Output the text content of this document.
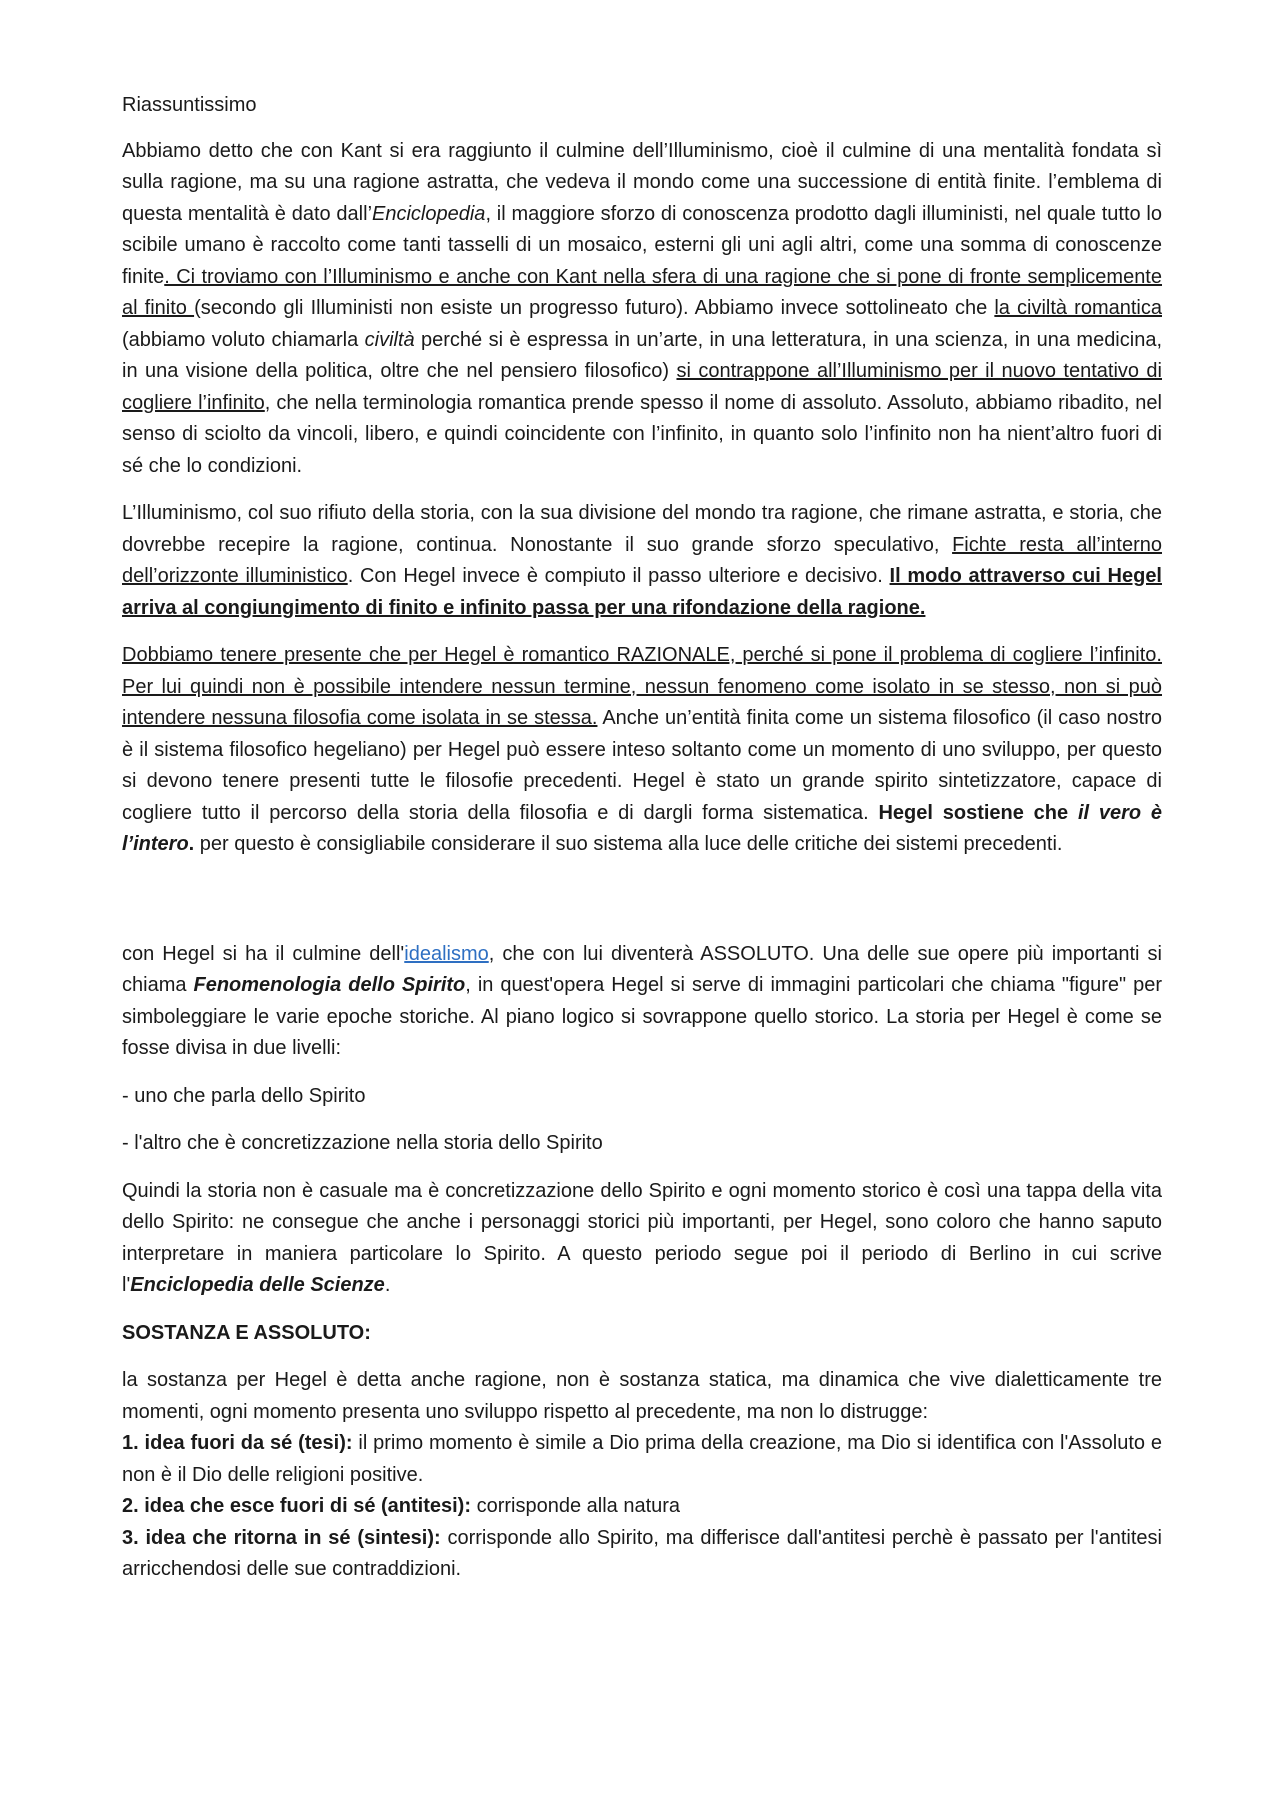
Riassuntissimo

Abbiamo detto che con Kant si era raggiunto il culmine dell’Illuminismo, cioè il culmine di una mentalità fondata sì sulla ragione, ma su una ragione astratta, che vedeva il mondo come una successione di entità finite. l’emblema di questa mentalità è dato dall’Enciclopedia, il maggiore sforzo di conoscenza prodotto dagli illuministi, nel quale tutto lo scibile umano è raccolto come tanti tasselli di un mosaico, esterni gli uni agli altri, come una somma di conoscenze finite. Ci troviamo con l’Illuminismo e anche con Kant nella sfera di una ragione che si pone di fronte semplicemente al finito (secondo gli Illuministi non esiste un progresso futuro). Abbiamo invece sottolineato che la civiltà romantica (abbiamo voluto chiamarla civiltà perché si è espressa in un’arte, in una letteratura, in una scienza, in una medicina, in una visione della politica, oltre che nel pensiero filosofico) si contrappone all’Illuminismo per il nuovo tentativo di cogliere l’infinito, che nella terminologia romantica prende spesso il nome di assoluto. Assoluto, abbiamo ribadito, nel senso di sciolto da vincoli, libero, e quindi coincidente con l’infinito, in quanto solo l’infinito non ha nient’altro fuori di sé che lo condizioni.

L’Illuminismo, col suo rifiuto della storia, con la sua divisione del mondo tra ragione, che rimane astratta, e storia, che dovrebbe recepire la ragione, continua. Nonostante il suo grande sforzo speculativo, Fichte resta all’interno dell’orizzonte illuministico. Con Hegel invece è compiuto il passo ulteriore e decisivo. Il modo attraverso cui Hegel arriva al congiungimento di finito e infinito passa per una rifondazione della ragione.

Dobbiamo tenere presente che per Hegel è romantico RAZIONALE, perché si pone il problema di cogliere l’infinito. Per lui quindi non è possibile intendere nessun termine, nessun fenomeno come isolato in se stesso, non si può intendere nessuna filosofia come isolata in se stessa. Anche un’entità finita come un sistema filosofico (il caso nostro è il sistema filosofico hegeliano) per Hegel può essere inteso soltanto come un momento di uno sviluppo, per questo si devono tenere presenti tutte le filosofie precedenti. Hegel è stato un grande spirito sintetizzatore, capace di cogliere tutto il percorso della storia della filosofia e di dargli forma sistematica. Hegel sostiene che il vero è l’intero. per questo è consigliabile considerare il suo sistema alla luce delle critiche dei sistemi precedenti.

con Hegel si ha il culmine dell'idealismo, che con lui diventerà ASSOLUTO. Una delle sue opere più importanti si chiama Fenomenologia dello Spirito, in quest'opera Hegel si serve di immagini particolari che chiama "figure" per simboleggiare le varie epoche storiche. Al piano logico si sovrappone quello storico. La storia per Hegel è come se fosse divisa in due livelli:

- uno che parla dello Spirito

- l'altro che è concretizzazione nella storia dello Spirito

Quindi la storia non è casuale ma è concretizzazione dello Spirito e ogni momento storico è così una tappa della vita dello Spirito: ne consegue che anche i personaggi storici più importanti, per Hegel, sono coloro che hanno saputo interpretare in maniera particolare lo Spirito. A questo periodo segue poi il periodo di Berlino in cui scrive l'Enciclopedia delle Scienze.

SOSTANZA E ASSOLUTO:

la sostanza per Hegel è detta anche ragione, non è sostanza statica, ma dinamica che vive dialetticamente tre momenti, ogni momento presenta uno sviluppo rispetto al precedente, ma non lo distrugge:

1. idea fuori da sé (tesi): il primo momento è simile a Dio prima della creazione, ma Dio si identifica con l'Assoluto e non è il Dio delle religioni positive.

2. idea che esce fuori di sé (antitesi): corrisponde alla natura

3. idea che ritorna in sé (sintesi): corrisponde allo Spirito, ma differisce dall'antitesi perchè è passato per l'antitesi arricchendosi delle sue contraddizioni.
